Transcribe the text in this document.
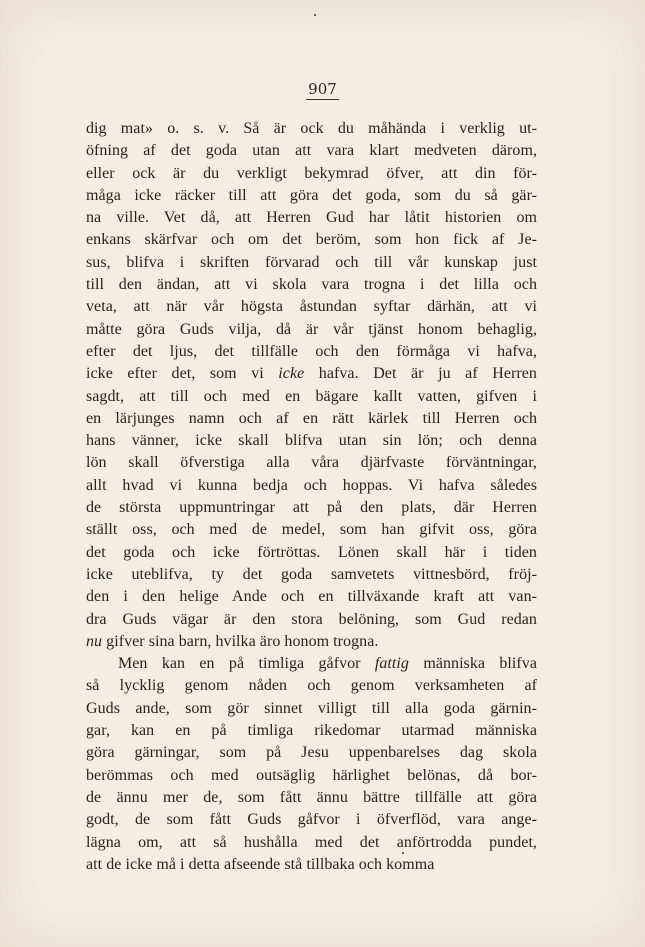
907
dig mat» o. s. v. Så är ock du måhända i verklig ut-
öfning af det goda utan att vara klart medveten därom,
eller ock är du verkligt bekymrad öfver, att din för-
måga icke räcker till att göra det goda, som du så gär-
na ville. Vet då, att Herren Gud har låtit historien om
enkans skärfvar och om det beröm, som hon fick af Je-
sus, blifva i skriften förvarad och till vår kunskap just
till den ändan, att vi skola vara trogna i det lilla och
veta, att när vår högsta åstundan syftar därhän, att vi
måtte göra Guds vilja, då är vår tjänst honom behaglig,
efter det ljus, det tillfälle och den förmåga vi hafva,
icke efter det, som vi icke hafva. Det är ju af Herren
sagdt, att till och med en bägare kallt vatten, gifven i
en lärjunges namn och af en rätt kärlek till Herren och
hans vänner, icke skall blifva utan sin lön; och denna
lön skall öfverstiga alla våra djärfvaste förväntningar,
allt hvad vi kunna bedja och hoppas. Vi hafva således
de största uppmuntringar att på den plats, där Herren
ställt oss, och med de medel, som han gifvit oss, göra
det goda och icke förtröttas. Lönen skall här i tiden
icke uteblifva, ty det goda samvetets vittnesbörd, fröj-
den i den helige Ande och en tillväxande kraft att van-
dra Guds vägar är den stora belöning, som Gud redan
nu gifver sina barn, hvilka äro honom trogna.
Men kan en på timliga gåfvor fattig människa blifva
så lycklig genom nåden och genom verksamheten af
Guds ande, som gör sinnet villigt till alla goda gärnin-
gar, kan en på timliga rikedomar utarmad människa
göra gärningar, som på Jesu uppenbarelses dag skola
berömmas och med outsäglig härlighet belönas, då bor-
de ännu mer de, som fått ännu bättre tillfälle att göra
godt, de som fått Guds gåfvor i öfverflöd, vara ange-
lägna om, att så hushålla med det anförtrodda pundet,
att de icke må i detta afseende stå tillbaka och komma
